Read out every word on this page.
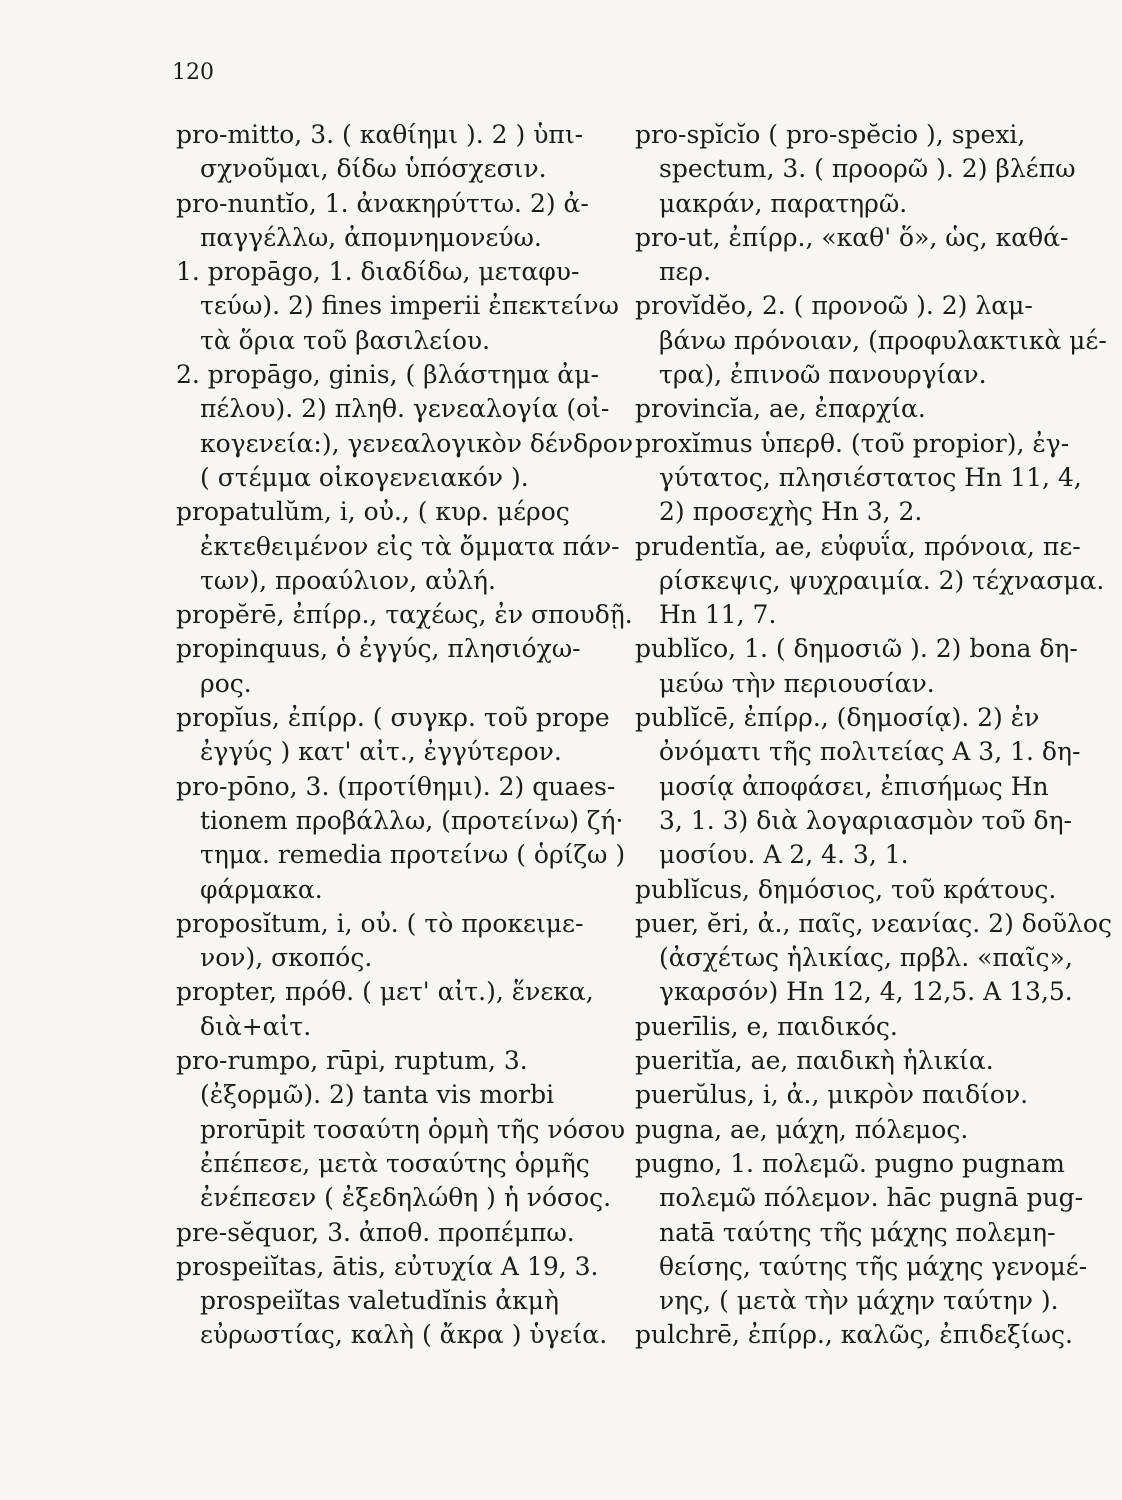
120
pro-mitto, 3. ( καθίημι ). 2 ) ὑπι-
σχνοῦμαι, δίδω ὑπόσχεσιν.
pro-nuntĭo, 1. ἀνακηρύττω. 2) ἀ-
παγγέλλω, ἀπομνημονεύω.
1. propāgo, 1. διαδίδω, μεταφυ-
τεύω). 2) fines imperii ἐπεκτείνω
τὰ ὅρια τοῦ βασιλείου.
2. propāgo, ginis, ( βλάστημα ἀμ-
πέλου). 2) πληθ. γενεαλογία (οἰ-
κογενεία:), γενεαλογικὸν δένδρον
( στέμμα οἰκογενειακόν ).
propatulŭm, i, οὐ., ( κυρ. μέρος
ἐκτεθειμένον εἰς τὰ ὄμματα πάν-
των), προαύλιον, αὐλή.
propĕrē, ἐπίρρ., ταχέως, ἐν σπουδῇ.
propinquus, ὁ ἐγγύς, πλησιόχω-
ρος.
propĭus, ἐπίρρ. ( συγκρ. τοῦ prope
ἐγγύς ) κατ' αἰτ., ἐγγύτερον.
pro-pōno, 3. (προτίθημι). 2) quaes-
tionem προβάλλω, (προτείνω) ζή·
τημα. remedia προτείνω ( ὁρίζω )
φάρμακα.
proposĭtum, i, οὐ. ( τὸ προκειμε-
νον), σκοπός.
propter, πρόθ. ( μετ' αἰτ.), ἕνεκα,
διὰ+αἰτ.
pro-rumpo, rūpi, ruptum, 3.
(ἐξορμῶ). 2) tanta vis morbi
prorūpit τοσαύτη ὁρμὴ τῆς νόσου
ἐπέπεσε, μετὰ τοσαύτης ὁρμῆς
ἐνέπεσεν ( ἐξεδηλώθη ) ἡ νόσος.
pre-sĕquor, 3. ἀποθ. προπέμπω.
prospeiĭtas, ātis, εὐτυχία A 19, 3.
prospeiĭtas valetudĭnis ἀκμὴ
εὐρωστίας, καλὴ ( ἄκρα ) ὑγεία.
pro-spĭcĭo ( pro-spĕcio ), spexi,
spectum, 3. ( προορῶ ). 2) βλέπω
μακράν, παρατηρῶ.
pro-ut, ἐπίρρ., «καθ' ὅ», ὡς, καθά-
περ.
provĭdĕo, 2. ( προνοῶ ). 2) λαμ-
βάνω πρόνοιαν, (προφυλακτικὰ μέ-
τρα), ἐπινοῶ πανουργίαν.
provincĭa, ae, ἐπαρχία.
proxĭmus ὑπερθ. (τοῦ propior), ἐγ-
γύτατος, πλησιέστατος Hn 11, 4,
2) προσεχὴς Hn 3, 2.
prudentĭa, ae, εὐφυΐα, πρόνοια, πε-
ρίσκεψις, ψυχραιμία. 2) τέχνασμα.
Hn 11, 7.
publĭco, 1. ( δημοσιῶ ). 2) bona δη-
μεύω τὴν περιουσίαν.
publĭcē, ἐπίρρ., (δημοσίᾳ). 2) ἐν
ὀνόματι τῆς πολιτείας A 3, 1. δη-
μοσίᾳ ἀποφάσει, ἐπισήμως Hn
3, 1. 3) διὰ λογαριασμὸν τοῦ δη-
μοσίου. A 2, 4. 3, 1.
publĭcus, δημόσιος, τοῦ κράτους.
puer, ĕri, ἀ., παῖς, νεανίας. 2) δοῦλος
(ἀσχέτως ἡλικίας, πρβλ. «παῖς»,
γκαρσόν) Hn 12, 4, 12,5. A 13,5.
puerīlis, e, παιδικός.
pueritĭa, ae, παιδικὴ ἡλικία.
puerŭlus, i, ἀ., μικρὸν παιδίον.
pugna, ae, μάχη, πόλεμος.
pugno, 1. πολεμῶ. pugno pugnam
πολεμῶ πόλεμον. hāc pugnā pug-
natā ταύτης τῆς μάχης πολεμη-
θείσης, ταύτης τῆς μάχης γενομέ-
νης, ( μετὰ τὴν μάχην ταύτην ).
pulchrē, ἐπίρρ., καλῶς, ἐπιδεξίως.
